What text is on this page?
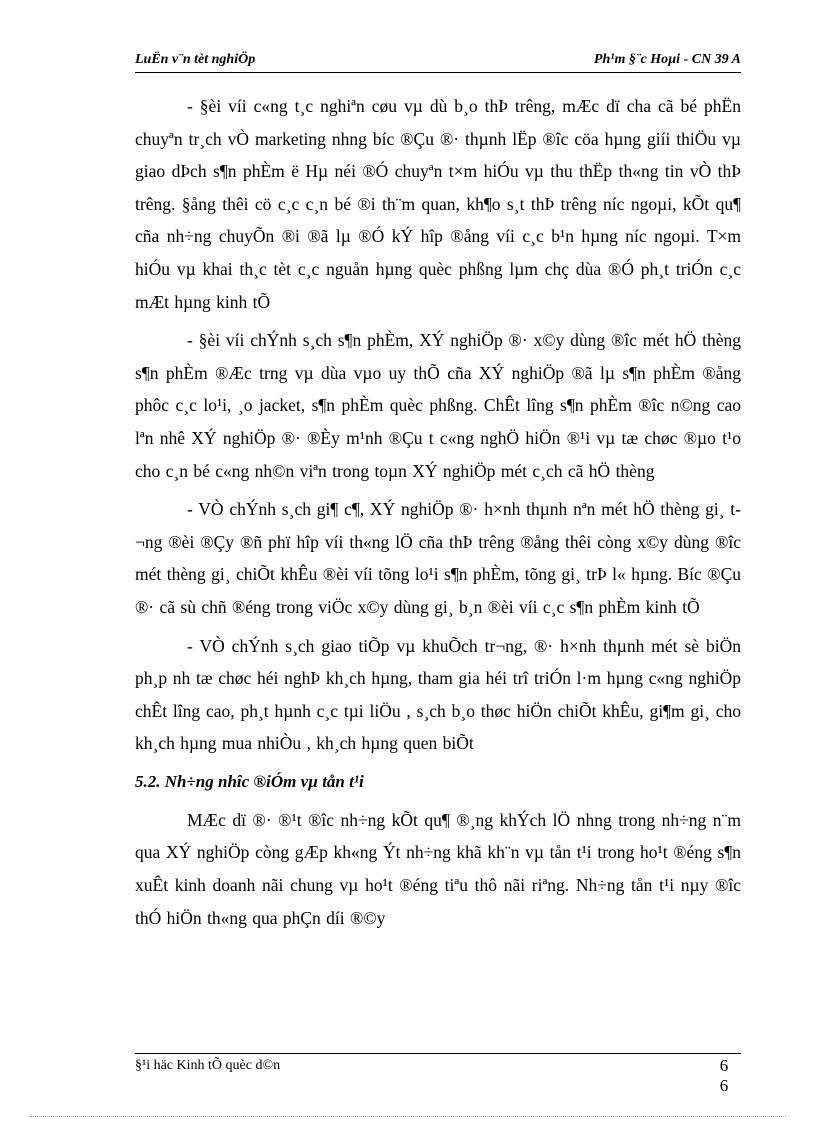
LuËn v¨n tèt nghiÖp	Ph¹m §¨c Hoµi - CN 39 A

- §èi víi c«ng t¸c nghiªn cøu vµ dù b¸o thÞ trêng, mÆc dï cha cã bé phËn chuyªn tr¸ch vÒ marketing nhng bíc ®Çu ®· thµnh lËp ®îc cöa hµng giíi thiÖu vµ giao dÞch s¶n phÈm ë Hµ néi ®Ó chuyªn t×m hiÓu vµ thu thËp th«ng tin vÒ thÞ trêng. §ång thêi cö c¸c c¸n bé ®i th¨m quan, kh¶o s¸t thÞ trêng níc ngoµi, kÕt qu¶ cña nh÷ng chuyÕn ®i ®ã lµ ®Ó kÝ hîp ®ång víi c¸c b¹n hµng níc ngoµi. T×m hiÓu vµ khai th¸c tèt c¸c nguån hµng quèc phßng lµm chç dùa ®Ó ph¸t triÓn c¸c mÆt hµng kinh tÕ

- §èi víi chÝnh s¸ch s¶n phÈm, XÝ nghiÖp ®· x©y dùng ®îc mét hÖ thèng s¶n phÈm ®Æc trng vµ dùa vµo uy thÕ cña XÝ nghiÖp ®ã lµ s¶n phÈm ®ång phôc c¸c lo¹i, ¸o jacket, s¶n phÈm quèc phßng. ChÊt lîng s¶n phÈm ®îc n©ng cao lªn nhê XÝ nghiÖp ®· ®Èy m¹nh ®Çu t c«ng nghÖ hiÖn ®¹i vµ tæ chøc ®µo t¹o cho c¸n bé c«ng nh©n viªn trong toµn XÝ nghiÖp mét c¸ch cã hÖ thèng

- VÒ chÝnh s¸ch gi¶ c¶, XÝ nghiÖp ®· h×nh thµnh nªn mét hÖ thèng gi¸ t¬ng ®èi ®Çy ®ñ phï hîp víi th«ng lÖ cña thÞ trêng ®ång thêi còng x©y dùng ®îc mét thèng gi¸ chiÕt khÊu ®èi víi tõng lo¹i s¶n phÈm, tõng gi¸ trÞ l« hµng. Bíc ®Çu ®· cã sù chñ ®éng trong viÖc x©y dùng gi¸ b¸n ®èi víi c¸c s¶n phÈm kinh tÕ

- VÒ chÝnh s¸ch giao tiÕp vµ khuÕch tr¬ng, ®· h×nh thµnh mét sè biÖn ph¸p nh tæ chøc héi nghÞ kh¸ch hµng, tham gia héi trî triÓn l·m hµng c«ng nghiÖp chÊt lîng cao, ph¸t hµnh c¸c tµi liÖu , s¸ch b¸o thøc hiÖn chiÕt khÊu, gi¶m gi¸ cho kh¸ch hµng mua nhiÒu , kh¸ch hµng quen biÕt

5.2. Nh÷ng nhîc ®iÓm vµ tån t¹i

MÆc dï ®· ®¹t ®îc nh÷ng kÕt qu¶ ®¸ng khÝch lÖ nhng trong nh÷ng n¨m qua XÝ nghiÖp còng gÆp kh«ng Ýt nh÷ng khã kh¨n vµ tån t¹i trong ho¹t ®éng s¶n xuÊt kinh doanh nãi chung vµ ho¹t ®éng tiªu thô nãi riªng. Nh÷ng tån t¹i nµy ®îc thÓ hiÖn th«ng qua phÇn díi ®©y

§¹i häc Kinh tÕ quèc d©n	6
6
